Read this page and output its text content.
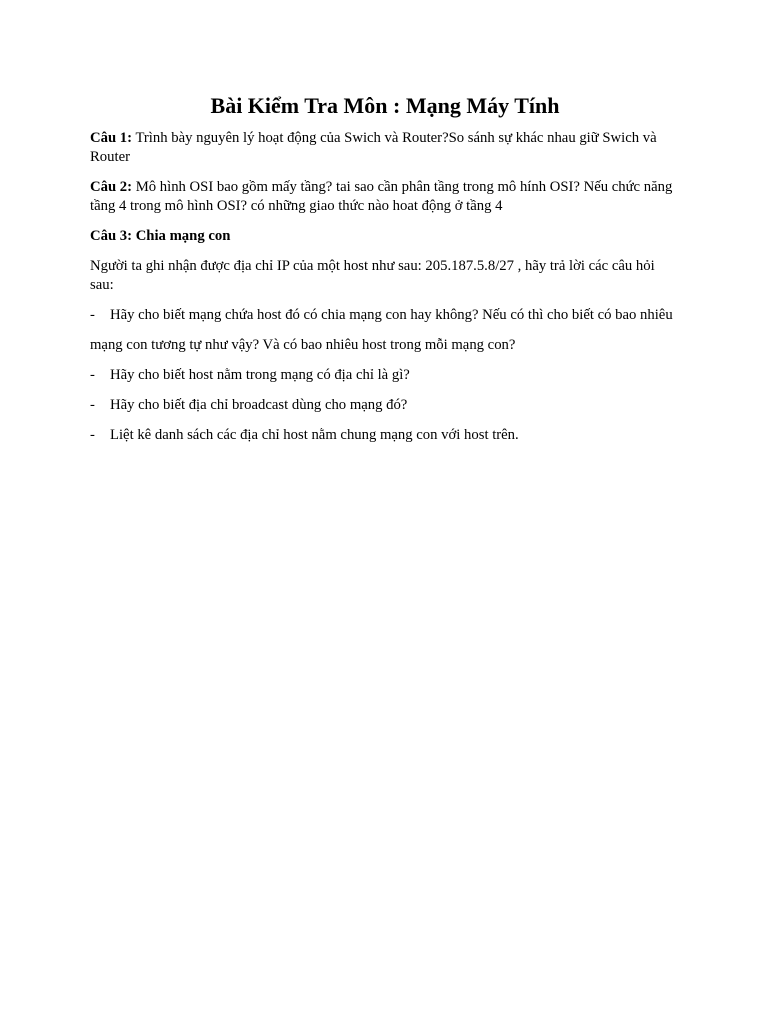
Bài Kiểm Tra Môn : Mạng Máy Tính

Câu 1: Trình bày nguyên lý hoạt động của Swich và Router?So sánh sự khác nhau giữ Swich và Router

Câu 2: Mô hình OSI bao gồm mấy tầng? tai sao cần phân tầng trong mô hính OSI? Nếu chức năng tầng 4 trong mô hình OSI? có những giao thức nào hoat động ở tầng 4

Câu 3: Chia mạng con

Người ta ghi nhận được địa chỉ IP của một host như sau: 205.187.5.8/27 , hãy trả lời các câu hỏi sau:

- Hãy cho biết mạng chứa host đó có chia mạng con hay không? Nếu có thì cho biết có bao nhiêu

mạng con tương tự như vậy? Và có bao nhiêu host trong mỗi mạng con?

-	Hãy cho biết host nằm trong mạng có địa chỉ là gì?
-	Hãy cho biết địa chỉ broadcast dùng cho mạng đó?
-	Liệt kê danh sách các địa chỉ host nằm chung mạng con với host trên.
